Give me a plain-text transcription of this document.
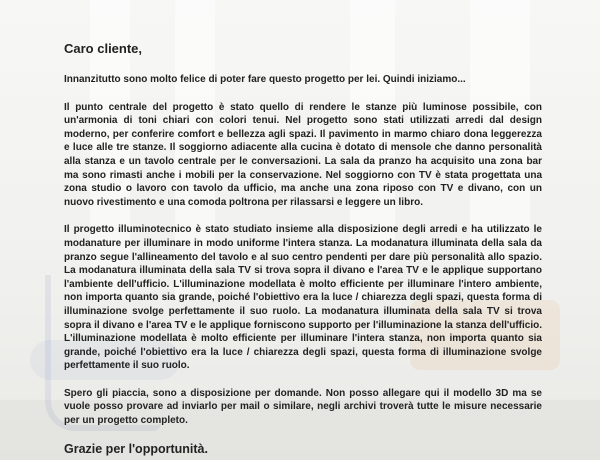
Caro cliente,

Innanzitutto sono molto felice di poter fare questo progetto per lei. Quindi iniziamo...

Il punto centrale del progetto è stato quello di rendere le stanze più luminose possibile, con un'armonia di toni chiari con colori tenui. Nel progetto sono stati utilizzati arredi dal design moderno, per conferire comfort e bellezza agli spazi. Il pavimento in marmo chiaro dona leggerezza e luce alle tre stanze. Il soggiorno adiacente alla cucina è dotato di mensole che danno personalità alla stanza e un tavolo centrale per le conversazioni. La sala da pranzo ha acquisito una zona bar ma sono rimasti anche i mobili per la conservazione. Nel soggiorno con TV è stata progettata una zona studio o lavoro con tavolo da ufficio, ma anche una zona riposo con TV e divano, con un nuovo rivestimento e una comoda poltrona per rilassarsi e leggere un libro.

Il progetto illuminotecnico è stato studiato insieme alla disposizione degli arredi e ha utilizzato le modanature per illuminare in modo uniforme l'intera stanza. La modanatura illuminata della sala da pranzo segue l'allineamento del tavolo e al suo centro pendenti per dare più personalità allo spazio. La modanatura illuminata della sala TV si trova sopra il divano e l'area TV e le applique supportano l'ambiente dell'ufficio. L'illuminazione modellata è molto efficiente per illuminare l'intero ambiente, non importa quanto sia grande, poiché l'obiettivo era la luce / chiarezza degli spazi, questa forma di illuminazione svolge perfettamente il suo ruolo. La modanatura illuminata della sala TV si trova sopra il divano e l'area TV e le applique forniscono supporto per l'illuminazione la stanza dell'ufficio. L'illuminazione modellata è molto efficiente per illuminare l'intera stanza, non importa quanto sia grande, poiché l'obiettivo era la luce / chiarezza degli spazi, questa forma di illuminazione svolge perfettamente il suo ruolo.

Spero gli piaccia, sono a disposizione per domande. Non posso allegare qui il modello 3D ma se vuole posso provare ad inviarlo per mail o similare, negli archivi troverà tutte le misure necessarie per un progetto completo.

Grazie per l'opportunità.
